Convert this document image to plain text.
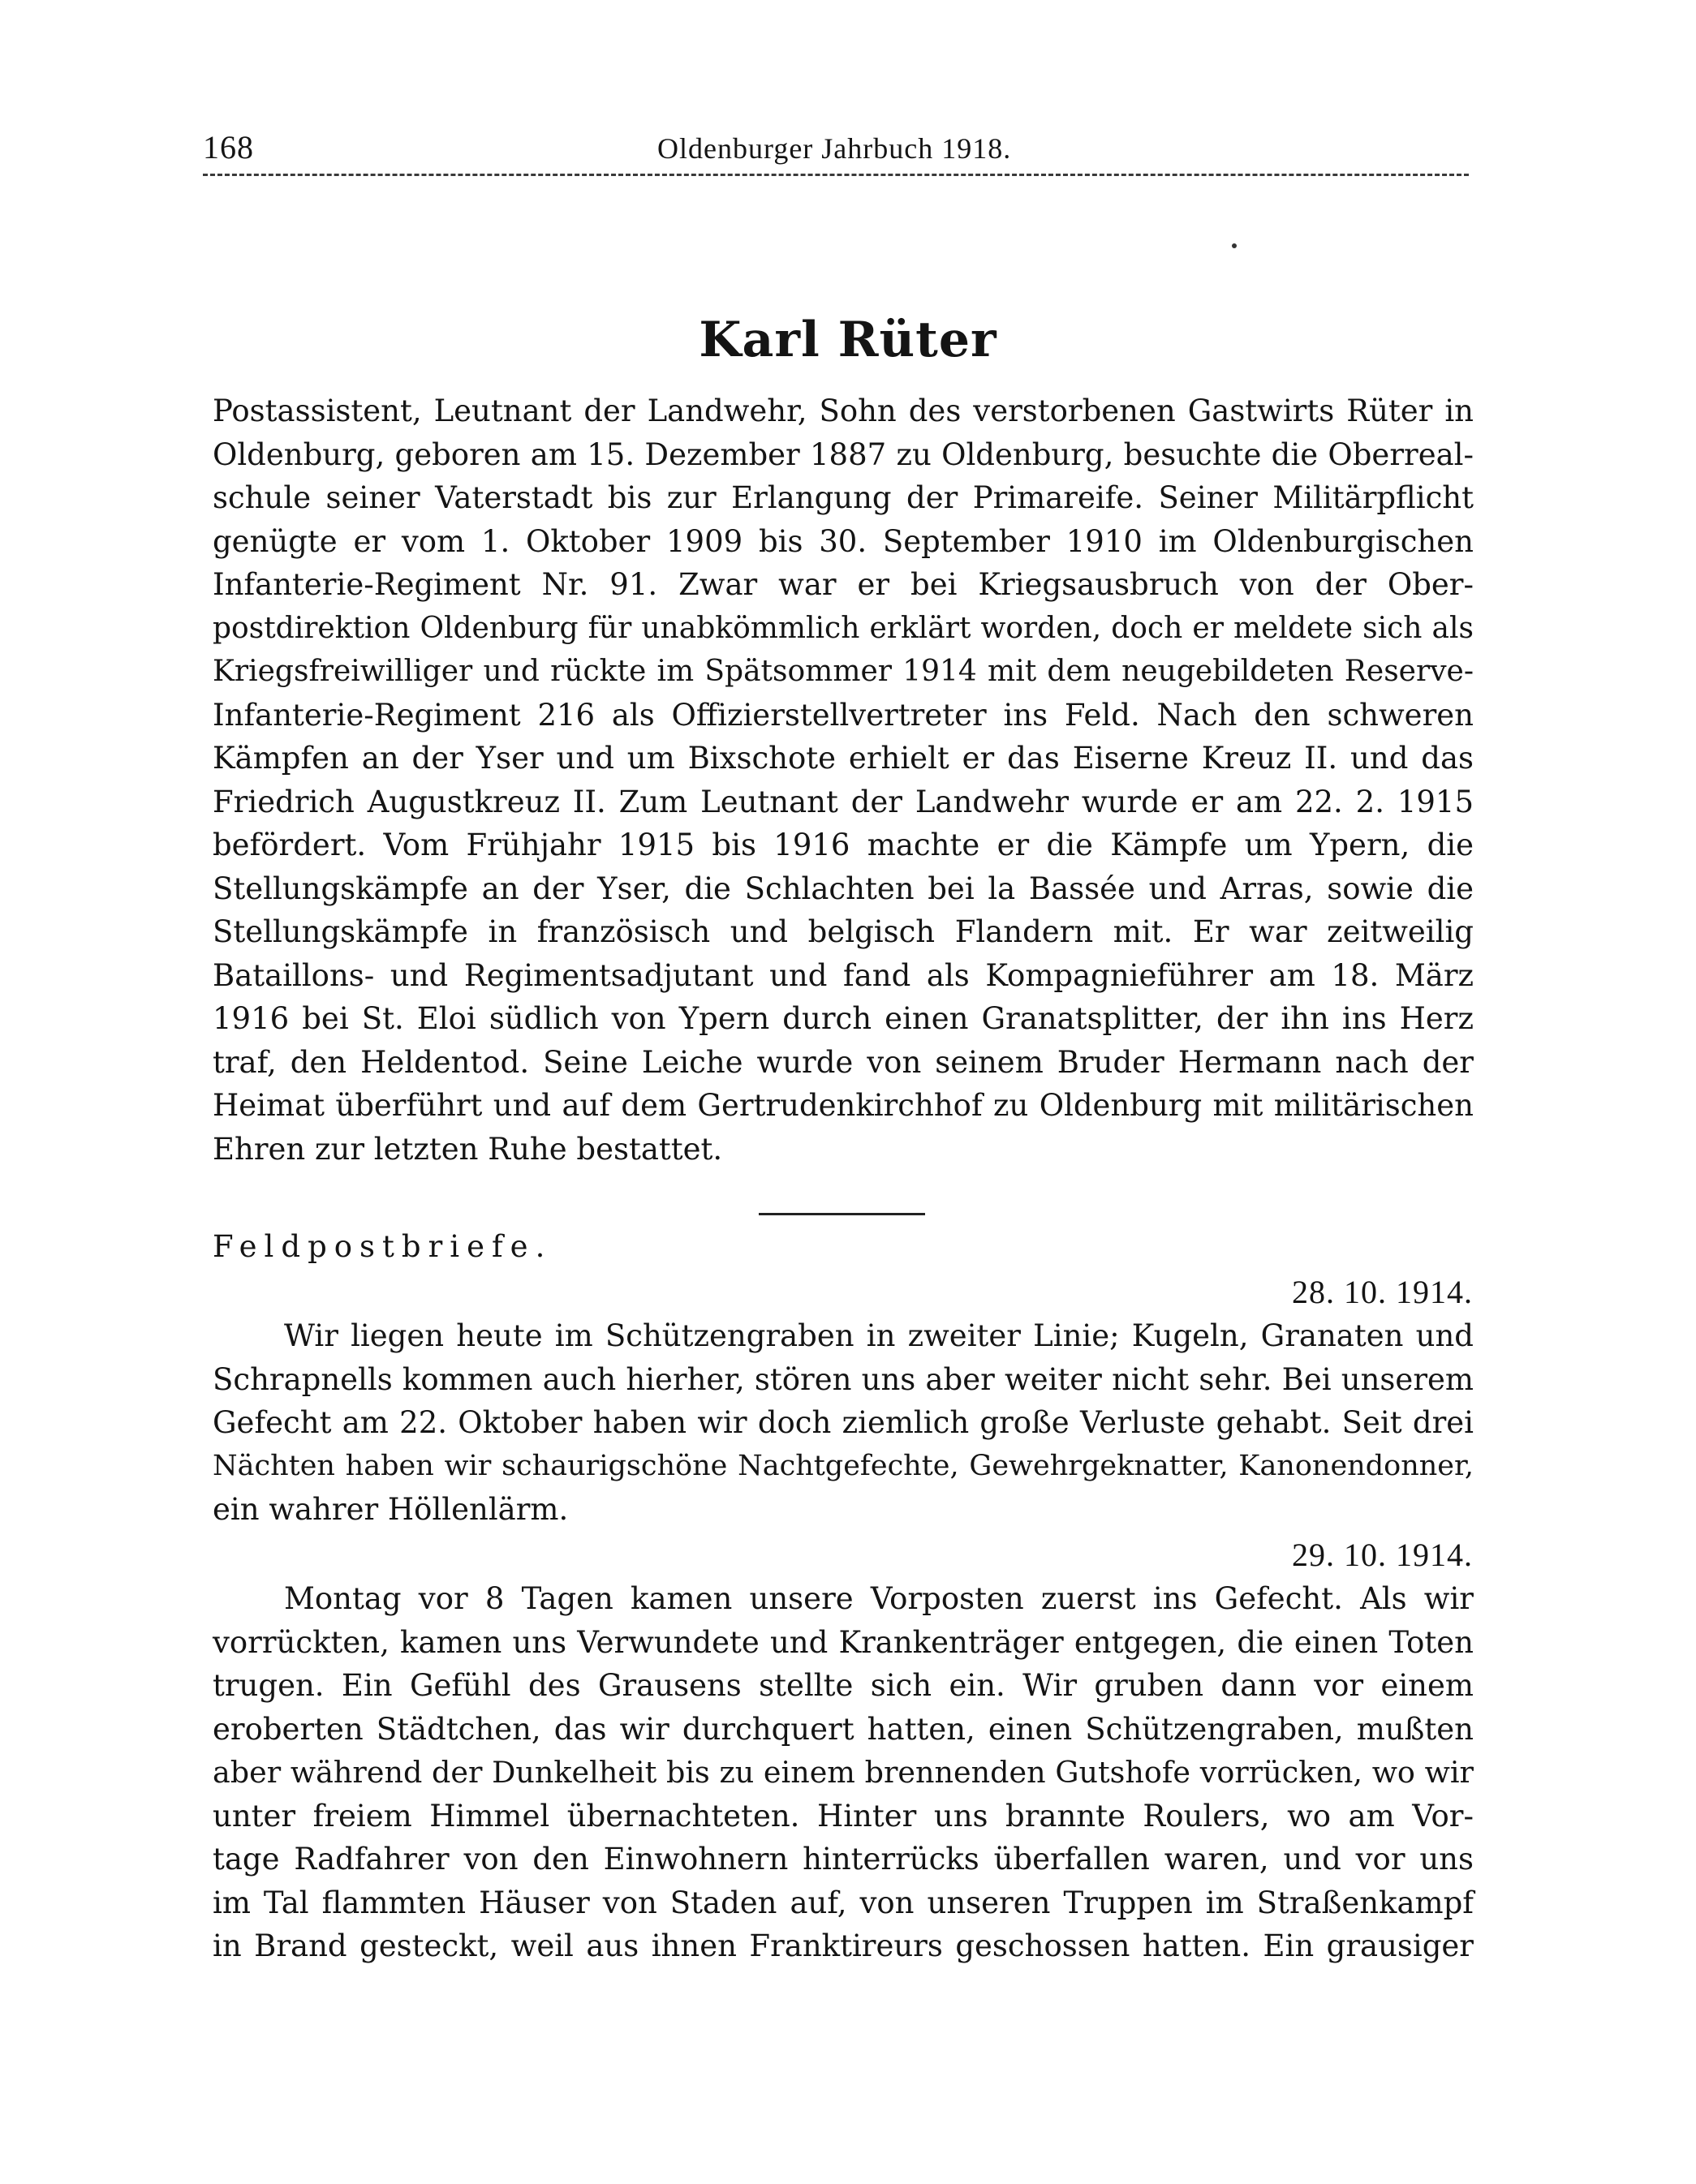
168	Oldenburger Jahrbuch 1918.
Karl Rüter
Postassistent, Leutnant der Landwehr, Sohn des verstorbenen Gastwirts Rüter in
Oldenburg, geboren am 15. Dezember 1887 zu Oldenburg, besuchte die Oberreal-
schule seiner Vaterstadt bis zur Erlangung der Primareife. Seiner Militärpflicht
genügte er vom 1. Oktober 1909 bis 30. September 1910 im Oldenburgischen
Infanterie-Regiment Nr. 91. Zwar war er bei Kriegsausbruch von der Ober-
postdirektion Oldenburg für unabkömmlich erklärt worden, doch er meldete sich als
Kriegsfreiwilliger und rückte im Spätsommer 1914 mit dem neugebildeten Reserve-
Infanterie-Regiment 216 als Offizierstellvertreter ins Feld. Nach den schweren
Kämpfen an der Yser und um Bixschote erhielt er das Eiserne Kreuz II. und das
Friedrich Augustkreuz II. Zum Leutnant der Landwehr wurde er am 22. 2. 1915
befördert. Vom Frühjahr 1915 bis 1916 machte er die Kämpfe um Ypern, die
Stellungskämpfe an der Yser, die Schlachten bei la Bassée und Arras, sowie die
Stellungskämpfe in französisch und belgisch Flandern mit. Er war zeitweilig
Bataillons- und Regimentsadjutant und fand als Kompagnieführer am 18. März
1916 bei St. Eloi südlich von Ypern durch einen Granatsplitter, der ihn ins Herz
traf, den Heldentod. Seine Leiche wurde von seinem Bruder Hermann nach der
Heimat überführt und auf dem Gertrudenkirchhof zu Oldenburg mit militärischen
Ehren zur letzten Ruhe bestattet.
Feldpostbriefe.
28. 10. 1914.
Wir liegen heute im Schützengraben in zweiter Linie; Kugeln, Granaten und
Schrapnells kommen auch hierher, stören uns aber weiter nicht sehr. Bei unserem
Gefecht am 22. Oktober haben wir doch ziemlich große Verluste gehabt. Seit drei
Nächten haben wir schaurigschöne Nachtgefechte, Gewehrgeknatter, Kanonendonner,
ein wahrer Höllenlärm.
29. 10. 1914.
Montag vor 8 Tagen kamen unsere Vorposten zuerst ins Gefecht. Als wir
vorrückten, kamen uns Verwundete und Krankenträger entgegen, die einen Toten
trugen. Ein Gefühl des Grausens stellte sich ein. Wir gruben dann vor einem
eroberten Städtchen, das wir durchquert hatten, einen Schützengraben, mußten
aber während der Dunkelheit bis zu einem brennenden Gutshofe vorrücken, wo wir
unter freiem Himmel übernachteten. Hinter uns brannte Roulers, wo am Vor-
tage Radfahrer von den Einwohnern hinterrücks überfallen waren, und vor uns
im Tal flammten Häuser von Staden auf, von unseren Truppen im Straßenkampf
in Brand gesteckt, weil aus ihnen Franktireurs geschossen hatten. Ein grausiger
